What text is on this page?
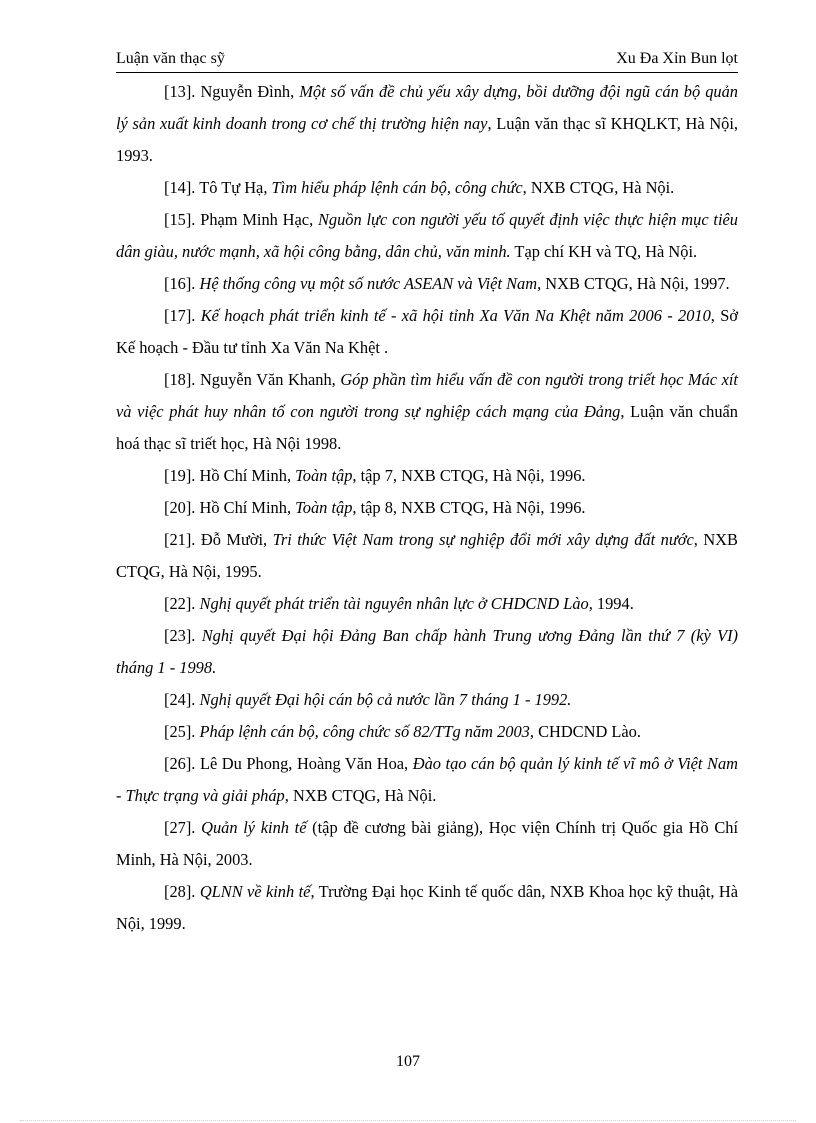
Luận văn thạc sỹ	Xu Đa Xỉn Bun lọt

[13]. Nguyễn Đình, Một số vấn đề chủ yếu xây dựng, bồi dưỡng đội ngũ cán bộ quản lý sản xuất kinh doanh trong cơ chế thị trường hiện nay, Luận văn thạc sĩ KHQLKT, Hà Nội, 1993.

[14]. Tô Tự Hạ, Tìm hiểu pháp lệnh cán bộ, công chức, NXB CTQG, Hà Nội.

[15]. Phạm Minh Hạc, Nguồn lực con người yếu tố quyết định việc thực hiện mục tiêu dân giàu, nước mạnh, xã hội công bằng, dân chủ, văn minh. Tạp chí KH và TQ, Hà Nội.

[16]. Hệ thống công vụ một số nước ASEAN và Việt Nam, NXB CTQG, Hà Nội, 1997.

[17]. Kế hoạch phát triển kinh tế - xã hội tỉnh Xa Văn Na Khệt năm 2006 - 2010, Sở Kế hoạch - Đầu tư tỉnh Xa Văn Na Khệt .

[18]. Nguyễn Văn Khanh, Góp phần tìm hiểu vấn đề con người trong triết học Mác xít và việc phát huy nhân tố con người trong sự nghiệp cách mạng của Đảng, Luận văn chuẩn hoá thạc sĩ triết học, Hà Nội 1998.

[19]. Hồ Chí Minh, Toàn tập, tập 7, NXB CTQG, Hà Nội, 1996.

[20]. Hồ Chí Minh, Toàn tập, tập 8, NXB CTQG, Hà Nội, 1996.

[21]. Đỗ Mười, Tri thức Việt Nam trong sự nghiệp đổi mới xây dựng đất nước, NXB CTQG, Hà Nội, 1995.

[22]. Nghị quyết phát triển tài nguyên nhân lực ở CHDCND Lào, 1994.

[23]. Nghị quyết Đại hội Đảng Ban chấp hành Trung ương Đảng lần thứ 7 (kỳ VI) tháng 1 - 1998.

[24]. Nghị quyết Đại hội cán bộ cả nước lần 7 tháng 1 - 1992.

[25]. Pháp lệnh cán bộ, công chức số 82/TTg năm 2003, CHDCND Lào.

[26]. Lê Du Phong, Hoàng Văn Hoa, Đào tạo cán bộ quản lý kinh tế vĩ mô ở Việt Nam - Thực trạng và giải pháp, NXB CTQG, Hà Nội.

[27]. Quản lý kinh tế (tập đề cương bài giảng), Học viện Chính trị Quốc gia Hồ Chí Minh, Hà Nội, 2003.

[28]. QLNN về kinh tế, Trường Đại học Kinh tế quốc dân, NXB Khoa học kỹ thuật, Hà Nội, 1999.

107
